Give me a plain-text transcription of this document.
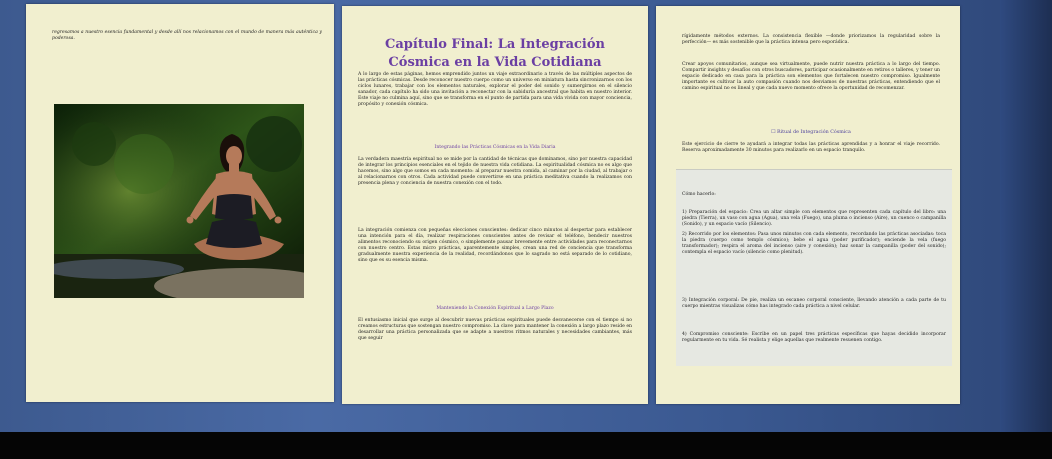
regresamos a nuestro esencia fundamental y desde allí nos relacionamos con el mundo de manera más auténtica y poderosa.	Capítulo Final: La Integración

Cósmica en la Vida Cotidiana

A lo largo de estas páginas, hemos emprendido juntos un viaje extraordinario a través de las múltiples aspectos de las prácticas cósmicas. Desde reconocer nuestro cuerpo como un universo en miniatura hasta sincronizarnos con los ciclos lunares, trabajar con los elementos naturales, explorar el poder del sonido y sumergirnos en el silencio sanador, cada capítulo ha sido una invitación a reconectar con la sabiduría ancestral que habita en nuestro interior. Este viaje no culmina aquí, sino que se transforma en el punto de partida para una vida vivida con mayor conciencia, propósito y conexión cósmica.

Integrando las Prácticas Cósmicas en la Vida Diaria

La verdadera maestría espiritual no se mide por la cantidad de técnicas que dominamos, sino por nuestra capacidad de integrar los principios esenciales en el tejido de nuestra vida cotidiana. La espiritualidad cósmica no es algo que hacemos, sino algo que somos en cada momento: al preparar nuestra comida, al caminar por la ciudad, al trabajar o al relacionarnos con otros. Cada actividad puede convertirse en una práctica meditativa cuando la realizamos con presencia plena y conciencia de nuestra conexión con el todo.

La integración comienza con pequeñas elecciones conscientes: dedicar cinco minutos al despertar para establecer una intención para el día, realizar respiraciones conscientes antes de revisar el teléfono, bendecir nuestros alimentos reconociendo su origen cósmico, o simplemente pausar brevemente entre actividades para reconectarnos con nuestro centro. Estas micro prácticas, aparentemente simples, crean una red de conciencia que transforma gradualmente nuestra experiencia de la realidad, recordándonos que lo sagrado no está separado de lo cotidiano, sino que es su esencia misma.

Manteniendo la Conexión Espiritual a Largo Plazo

El entusiasmo inicial que surge al descubrir nuevas prácticas espirituales puede desvanecerse con el tiempo si no creamos estructuras que sostengan nuestro compromiso. La clave para mantener la conexión a largo plazo reside en desarrollar una práctica personalizada que se adapte a nuestros ritmos naturales y necesidades cambiantes, más que seguir

rígidamente métodos externos. La consistencia flexible —donde priorizamos la regularidad sobre la perfección— es más sostenible que la práctica intensa pero esporádica.

Crear apoyos comunitarios, aunque sea virtualmente, puede nutrir nuestra práctica a lo largo del tiempo. Compartir insights y desafíos con otros buscadores, participar ocasionalmente en retiros o talleres, y tener un espacio dedicado en casa para la práctica son elementos que fortalecen nuestro compromiso. Igualmente importante es cultivar la auto compasión cuando nos desviamos de nuestras prácticas, entendiendo que el camino espiritual no es lineal y que cada nuevo momento ofrece la oportunidad de recomenzar.

☐ Ritual de Integración Cósmica

Este ejercicio de cierre te ayudará a integrar todas las prácticas aprendidas y a honrar el viaje recorrido. Reserva aproximadamente 30 minutos para realizarlo en un espacio tranquilo.

Cómo hacerlo:

1) Preparación del espacio: Crea un altar simple con elementos que representen cada capítulo del libro: una piedra (Tierra), un vaso con agua (Agua), una vela (Fuego), una pluma o incienso (Aire), un cuenco o campanilla (Sonido), y un espacio vacío (Silencio).

2) Recorrido por los elementos: Pasa unos minutos con cada elemento, recordando las prácticas asociadas: toca la piedra (cuerpo como templo cósmico); bebe el agua (poder purificador); enciende la vela (fuego transformador); respira el aroma del incienso (aire y conexión); haz sonar la campanilla (poder del sonido); contempla el espacio vacío (silencio como plenitud).

3) Integración corporal: De pie, realiza un escaneo corporal consciente, llevando atención a cada parte de tu cuerpo mientras visualizas cómo has integrado cada práctica a nivel celular.

4) Compromiso consciente: Escribe en un papel tres prácticas específicas que hayas decidido incorporar regularmente en tu vida. Sé realista y elige aquellas que realmente resuenen contigo.
